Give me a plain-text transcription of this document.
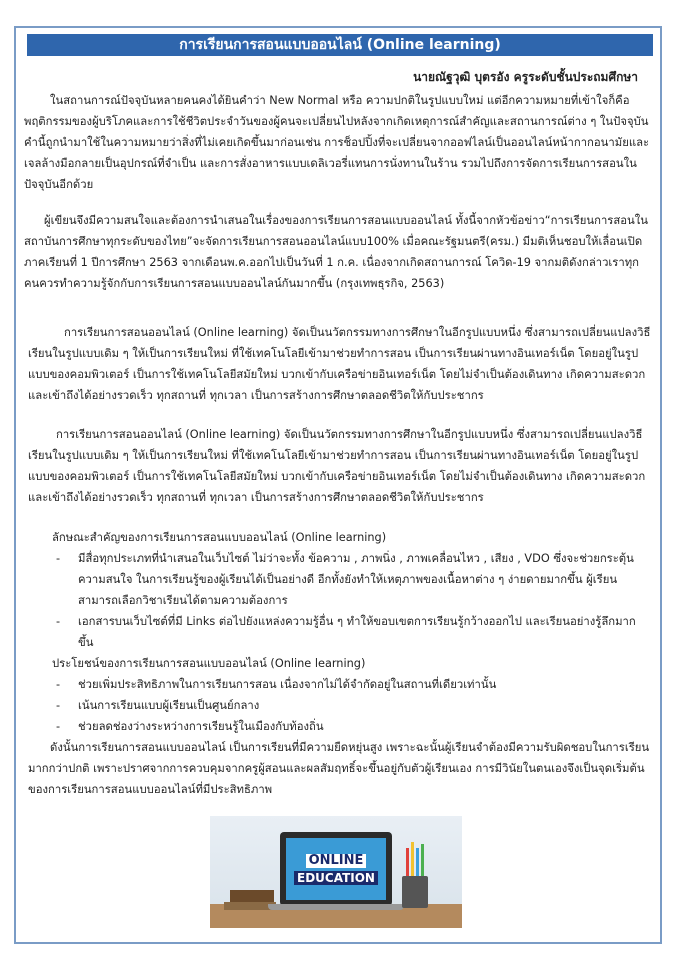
การเรียนการสอนแบบออนไลน์ (Online learning)
นายณัฐวุฒิ บุตรอัง ครูระดับชั้นประถมศึกษา

ในสถานการณ์ปัจจุบันหลายคนคงได้ยินคำว่า New Normal หรือ ความปกติในรูปแบบใหม่ แต่อีกความหมายที่เข้าใจก็คือ พฤติกรรมของผู้บริโภคและการใช้ชีวิตประจำวันของผู้คนจะเปลี่ยนไปหลังจากเกิดเหตุการณ์สำคัญและสถานการณ์ต่าง ๆ ในปัจจุบันคำนี้ถูกนำมาใช้ในความหมายว่าสิ่งที่ไม่เคยเกิดขึ้นมาก่อนเช่น การช็อปปิ้งที่จะเปลี่ยนจากออฟไลน์เป็นออนไลน์หน้ากากอนามัยและเจลล้างมือกลายเป็นอุปกรณ์ที่จำเป็น และการสั่งอาหารแบบเดลิเวอรี่แทนการนั่งทานในร้าน รวมไปถึงการจัดการเรียนการสอนในปัจจุบันอีกด้วย

ผู้เขียนจึงมีความสนใจและต้องการนำเสนอในเรื่องของการเรียนการสอนแบบออนไลน์ ทั้งนี้จากหัวข้อข่าว“การเรียนการสอนในสถาบันการศึกษาทุกระดับของไทย”จะจัดการเรียนการสอนออนไลน์แบบ100% เมื่อคณะรัฐมนตรี(ครม.) มีมติเห็นชอบให้เลื่อนเปิดภาคเรียนที่ 1 ปีการศึกษา 2563 จากเดือนพ.ค.ออกไปเป็นวันที่ 1 ก.ค. เนื่องจากเกิดสถานการณ์ โควิด-19 จากมติดังกล่าวเราทุกคนควรทำความรู้จักกับการเรียนการสอนแบบออนไลน์กันมากขึ้น (กรุงเทพธุรกิจ, 2563)

การเรียนการสอนออนไลน์ (Online learning) จัดเป็นนวัตกรรมทางการศึกษาในอีกรูปแบบหนึ่ง ซึ่งสามารถเปลี่ยนแปลงวิธีเรียนในรูปแบบเดิม ๆ ให้เป็นการเรียนใหม่ ที่ใช้เทคโนโลยีเข้ามาช่วยทำการสอน เป็นการเรียนผ่านทางอินเทอร์เน็ต โดยอยู่ในรูปแบบของคอมพิวเตอร์ เป็นการใช้เทคโนโลยีสมัยใหม่ บวกเข้ากับเครือข่ายอินเทอร์เน็ต โดยไม่จำเป็นต้องเดินทาง เกิดความสะดวกและเข้าถึงได้อย่างรวดเร็ว ทุกสถานที่ ทุกเวลา เป็นการสร้างการศึกษาตลอดชีวิตให้กับประชากร

การเรียนการสอนออนไลน์ (Online learning) จัดเป็นนวัตกรรมทางการศึกษาในอีกรูปแบบหนึ่ง ซึ่งสามารถเปลี่ยนแปลงวิธีเรียนในรูปแบบเดิม ๆ ให้เป็นการเรียนใหม่ ที่ใช้เทคโนโลยีเข้ามาช่วยทำการสอน เป็นการเรียนผ่านทางอินเทอร์เน็ต โดยอยู่ในรูปแบบของคอมพิวเตอร์ เป็นการใช้เทคโนโลยีสมัยใหม่ บวกเข้ากับเครือข่ายอินเทอร์เน็ต โดยไม่จำเป็นต้องเดินทาง เกิดความสะดวกและเข้าถึงได้อย่างรวดเร็ว ทุกสถานที่ ทุกเวลา เป็นการสร้างการศึกษาตลอดชีวิตให้กับประชากร

ลักษณะสำคัญของการเรียนการสอนแบบออนไลน์ (Online learning)
- มีสื่อทุกประเภทที่นำเสนอในเว็บไซต์ ไม่ว่าจะทั้ง ข้อความ , ภาพนิ่ง , ภาพเคลื่อนไหว , เสียง , VDO ซึ่งจะช่วยกระตุ้นความสนใจ ในการเรียนรู้ของผู้เรียนได้เป็นอย่างดี อีกทั้งยังทำให้เหตุภาพของเนื้อหาต่าง ๆ ง่ายดายมากขึ้น ผู้เรียนสามารถเลือกวิชาเรียนได้ตามความต้องการ
- เอกสารบนเว็บไซต์ที่มี Links ต่อไปยังแหล่งความรู้อื่น ๆ ทำให้ขอบเขตการเรียนรู้กว้างออกไป และเรียนอย่างรู้ลึกมากขึ้น
ประโยชน์ของการเรียนการสอนแบบออนไลน์ (Online learning)
- ช่วยเพิ่มประสิทธิภาพในการเรียนการสอน เนื่องจากไม่ได้จำกัดอยู่ในสถานที่เดียวเท่านั้น
- เน้นการเรียนแบบผู้เรียนเป็นศูนย์กลาง
- ช่วยลดช่องว่างระหว่างการเรียนรู้ในเมืองกับท้องถิ่น

ดังนั้นการเรียนการสอนแบบออนไลน์ เป็นการเรียนที่มีความยืดหยุ่นสูง เพราะฉะนั้นผู้เรียนจำต้องมีความรับผิดชอบในการเรียนมากกว่าปกติ เพราะปราศจากการควบคุมจากครูผู้สอนและผลสัมฤทธิ์จะขึ้นอยู่กับตัวผู้เรียนเอง การมีวินัยในตนเองจึงเป็นจุดเริ่มต้นของการเรียนการสอนแบบออนไลน์ที่มีประสิทธิภาพ

ONLINE
EDUCATION
